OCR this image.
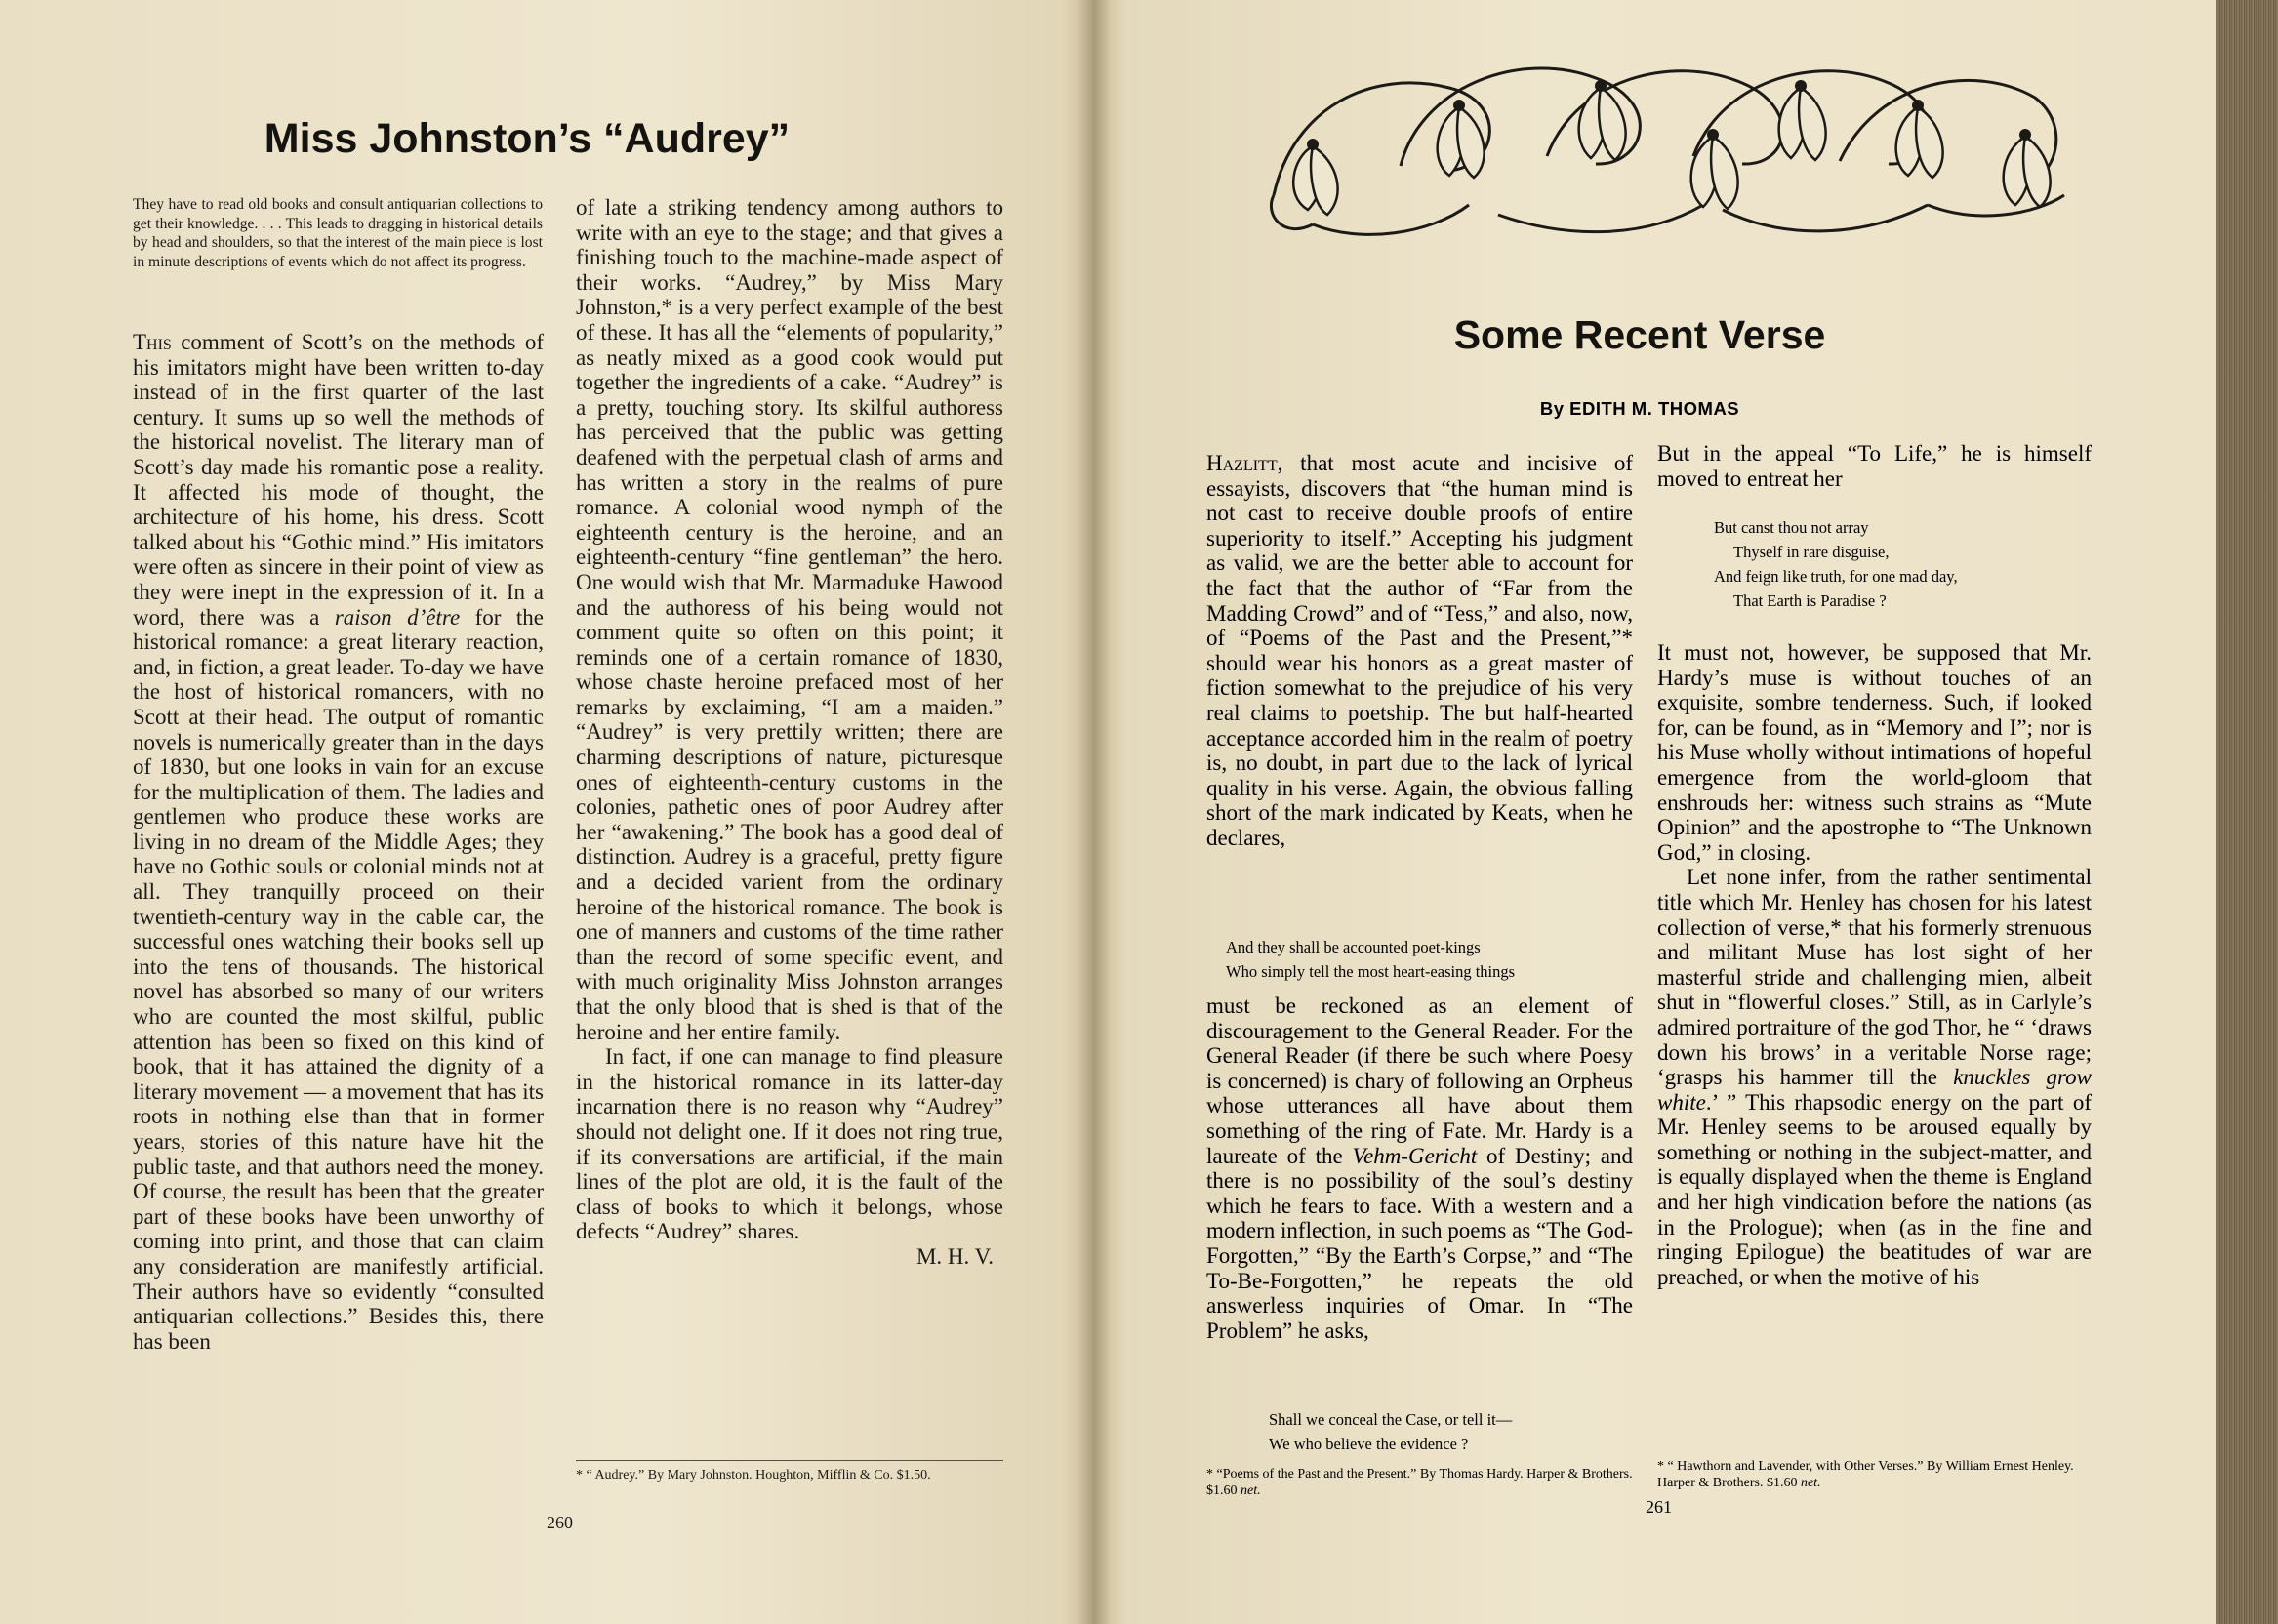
Miss Johnston’s “Audrey”

They have to read old books and consult antiquarian collections to get their knowledge. . . . This leads to dragging in historical details by head and shoulders, so that the interest of the main piece is lost in minute descriptions of events which do not affect its progress.

This comment of Scott’s on the methods of his imitators might have been written to-day instead of in the first quarter of the last century. It sums up so well the methods of the historical novelist. The literary man of Scott’s day made his romantic pose a reality. It affected his mode of thought, the architecture of his home, his dress. Scott talked about his “Gothic mind.” His imitators were often as sincere in their point of view as they were inept in the expression of it. In a word, there was a raison d’être for the historical romance: a great literary reaction, and, in fiction, a great leader. To-day we have the host of historical romancers, with no Scott at their head. The output of romantic novels is numerically greater than in the days of 1830, but one looks in vain for an excuse for the multiplication of them. The ladies and gentlemen who produce these works are living in no dream of the Middle Ages; they have no Gothic souls or colonial minds not at all. They tranquilly proceed on their twentieth-century way in the cable car, the successful ones watching their books sell up into the tens of thousands. The historical novel has absorbed so many of our writers who are counted the most skilful, public attention has been so fixed on this kind of book, that it has attained the dignity of a literary movement — a movement that has its roots in nothing else than that in former years, stories of this nature have hit the public taste, and that authors need the money. Of course, the result has been that the greater part of these books have been unworthy of coming into print, and those that can claim any consideration are manifestly artificial. Their authors have so evidently “consulted antiquarian collections.” Besides this, there has been

of late a striking tendency among authors to write with an eye to the stage; and that gives a finishing touch to the machine-made aspect of their works. “Audrey,” by Miss Mary Johnston,* is a very perfect example of the best of these. It has all the “elements of popularity,” as neatly mixed as a good cook would put together the ingredients of a cake. “Audrey” is a pretty, touching story. Its skilful authoress has perceived that the public was getting deafened with the perpetual clash of arms and has written a story in the realms of pure romance. A colonial wood nymph of the eighteenth century is the heroine, and an eighteenth-century “fine gentleman” the hero. One would wish that Mr. Marmaduke Hawood and the authoress of his being would not comment quite so often on this point; it reminds one of a certain romance of 1830, whose chaste heroine prefaced most of her remarks by exclaiming, “I am a maiden.” “Audrey” is very prettily written; there are charming descriptions of nature, picturesque ones of eighteenth-century customs in the colonies, pathetic ones of poor Audrey after her “awakening.” The book has a good deal of distinction. Audrey is a graceful, pretty figure and a decided varient from the ordinary heroine of the historical romance. The book is one of manners and customs of the time rather than the record of some specific event, and with much originality Miss Johnston arranges that the only blood that is shed is that of the heroine and her entire family.

In fact, if one can manage to find pleasure in the historical romance in its latter-day incarnation there is no reason why “Audrey” should not delight one. If it does not ring true, if its conversations are artificial, if the main lines of the plot are old, it is the fault of the class of books to which it belongs, whose defects “Audrey” shares.

M. H. V.

* “ Audrey.” By Mary Johnston. Houghton, Mifflin & Co. $1.50.

260

Some Recent Verse

By EDITH M. THOMAS

Hazlitt, that most acute and incisive of essayists, discovers that “the human mind is not cast to receive double proofs of entire superiority to itself.” Accepting his judgment as valid, we are the better able to account for the fact that the author of “Far from the Madding Crowd” and of “Tess,” and also, now, of “Poems of the Past and the Present,”* should wear his honors as a great master of fiction somewhat to the prejudice of his very real claims to poetship. The but half-hearted acceptance accorded him in the realm of poetry is, no doubt, in part due to the lack of lyrical quality in his verse. Again, the obvious falling short of the mark indicated by Keats, when he declares,

And they shall be accounted poet-kings
Who simply tell the most heart-easing things

must be reckoned as an element of discouragement to the General Reader. For the General Reader (if there be such where Poesy is concerned) is chary of following an Orpheus whose utterances all have about them something of the ring of Fate. Mr. Hardy is a laureate of the Vehm-Gericht of Destiny; and there is no possibility of the soul’s destiny which he fears to face. With a western and a modern inflection, in such poems as “The God-Forgotten,” “By the Earth’s Corpse,” and “The To-Be-Forgotten,” he repeats the old answerless inquiries of Omar. In “The Problem” he asks,

Shall we conceal the Case, or tell it—
We who believe the evidence ?

* “Poems of the Past and the Present.” By Thomas Hardy. Harper & Brothers. $1.60 net.

But in the appeal “To Life,” he is himself moved to entreat her

But canst thou not array
Thyself in rare disguise,
And feign like truth, for one mad day,
That Earth is Paradise ?

It must not, however, be supposed that Mr. Hardy’s muse is without touches of an exquisite, sombre tenderness. Such, if looked for, can be found, as in “Memory and I”; nor is his Muse wholly without intimations of hopeful emergence from the world-gloom that enshrouds her: witness such strains as “Mute Opinion” and the apostrophe to “The Unknown God,” in closing.

Let none infer, from the rather sentimental title which Mr. Henley has chosen for his latest collection of verse,* that his formerly strenuous and militant Muse has lost sight of her masterful stride and challenging mien, albeit shut in “flowerful closes.” Still, as in Carlyle’s admired portraiture of the god Thor, he “ ‘draws down his brows’ in a veritable Norse rage; ‘grasps his hammer till the knuckles grow white.’ ” This rhapsodic energy on the part of Mr. Henley seems to be aroused equally by something or nothing in the subject-matter, and is equally displayed when the theme is England and her high vindication before the nations (as in the Prologue); when (as in the fine and ringing Epilogue) the beatitudes of war are preached, or when the motive of his

* “ Hawthorn and Lavender, with Other Verses.” By William Ernest Henley. Harper & Brothers. $1.60 net.

261
